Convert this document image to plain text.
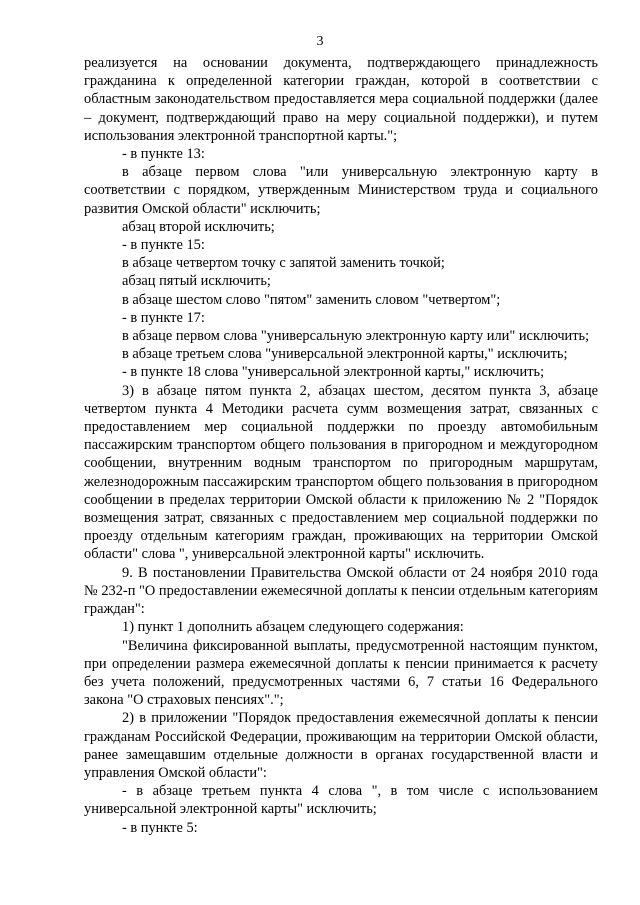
3

реализуется на основании документа, подтверждающего принадлежность гражданина к определенной категории граждан, которой в соответствии с областным законодательством предоставляется мера социальной поддержки (далее – документ, подтверждающий право на меру социальной поддержки), и путем использования электронной транспортной карты.";

- в пункте 13:

в абзаце первом слова "или универсальную электронную карту в соответствии с порядком, утвержденным Министерством труда и социального развития Омской области" исключить;

абзац второй исключить;

- в пункте 15:

в абзаце четвертом точку с запятой заменить точкой;

абзац пятый исключить;

в абзаце шестом слово "пятом" заменить словом "четвертом";

- в пункте 17:

в абзаце первом слова "универсальную электронную карту или" исключить;

в абзаце третьем слова "универсальной электронной карты," исключить;

- в пункте 18 слова "универсальной электронной карты," исключить;

3) в абзаце пятом пункта 2, абзацах шестом, десятом пункта 3, абзаце четвертом пункта 4 Методики расчета сумм возмещения затрат, связанных с предоставлением мер социальной поддержки по проезду автомобильным пассажирским транспортом общего пользования в пригородном и междугородном сообщении, внутренним водным транспортом по пригородным маршрутам, железнодорожным пассажирским транспортом общего пользования в пригородном сообщении в пределах территории Омской области к приложению № 2 "Порядок возмещения затрат, связанных с предоставлением мер социальной поддержки по проезду отдельным категориям граждан, проживающих на территории Омской области" слова ", универсальной электронной карты" исключить.

9. В постановлении Правительства Омской области от 24 ноября 2010 года № 232-п "О предоставлении ежемесячной доплаты к пенсии отдельным категориям граждан":

1) пункт 1 дополнить абзацем следующего содержания:

"Величина фиксированной выплаты, предусмотренной настоящим пунктом, при определении размера ежемесячной доплаты к пенсии принимается к расчету без учета положений, предусмотренных частями 6, 7 статьи 16 Федерального закона "О страховых пенсиях".";

2) в приложении "Порядок предоставления ежемесячной доплаты к пенсии гражданам Российской Федерации, проживающим на территории Омской области, ранее замещавшим отдельные должности в органах государственной власти и управления Омской области":

- в абзаце третьем пункта 4 слова ", в том числе с использованием универсальной электронной карты" исключить;

- в пункте 5:
